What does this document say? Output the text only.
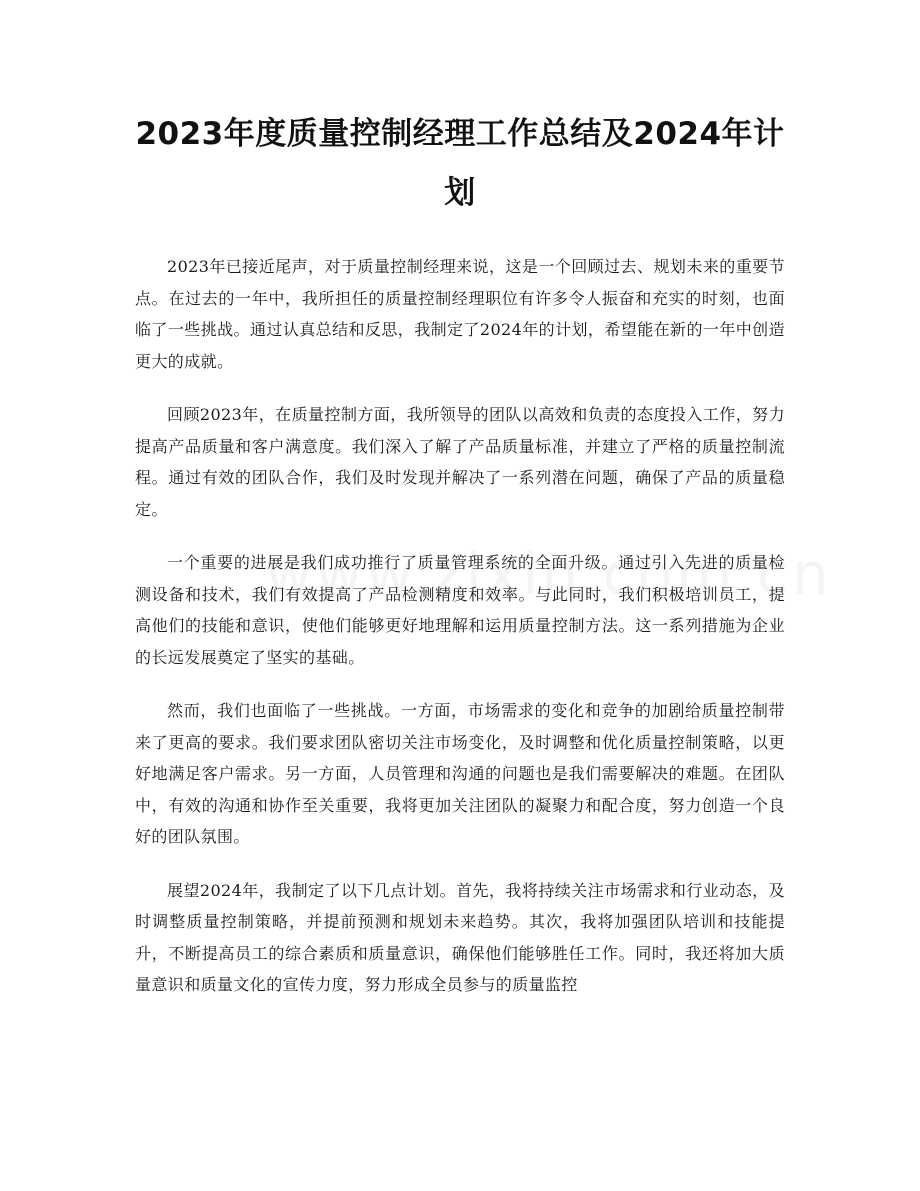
2023年度质量控制经理工作总结及2024年计划

2023年已接近尾声，对于质量控制经理来说，这是一个回顾过去、规划未来的重要节点。在过去的一年中，我所担任的质量控制经理职位有许多令人振奋和充实的时刻，也面临了一些挑战。通过认真总结和反思，我制定了2024年的计划，希望能在新的一年中创造更大的成就。

回顾2023年，在质量控制方面，我所领导的团队以高效和负责的态度投入工作，努力提高产品质量和客户满意度。我们深入了解了产品质量标准，并建立了严格的质量控制流程。通过有效的团队合作，我们及时发现并解决了一系列潜在问题，确保了产品的质量稳定。

一个重要的进展是我们成功推行了质量管理系统的全面升级。通过引入先进的质量检测设备和技术，我们有效提高了产品检测精度和效率。与此同时，我们积极培训员工，提高他们的技能和意识，使他们能够更好地理解和运用质量控制方法。这一系列措施为企业的长远发展奠定了坚实的基础。

然而，我们也面临了一些挑战。一方面，市场需求的变化和竞争的加剧给质量控制带来了更高的要求。我们要求团队密切关注市场变化，及时调整和优化质量控制策略，以更好地满足客户需求。另一方面，人员管理和沟通的问题也是我们需要解决的难题。在团队中，有效的沟通和协作至关重要，我将更加关注团队的凝聚力和配合度，努力创造一个良好的团队氛围。

展望2024年，我制定了以下几点计划。首先，我将持续关注市场需求和行业动态，及时调整质量控制策略，并提前预测和规划未来趋势。其次，我将加强团队培训和技能提升，不断提高员工的综合素质和质量意识，确保他们能够胜任工作。同时，我还将加大质量意识和质量文化的宣传力度，努力形成全员参与的质量监控
